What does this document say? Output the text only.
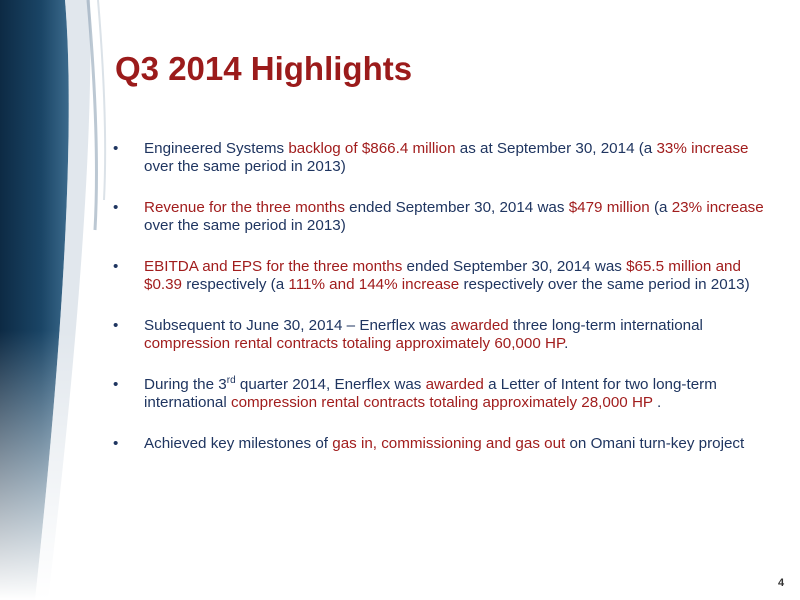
Q3 2014 Highlights
• Engineered Systems backlog of $866.4 million as at September 30, 2014 (a 33% increase over the same period in 2013)
• Revenue for the three months ended September 30, 2014 was $479 million (a 23% increase over the same period in 2013)
• EBITDA and EPS for the three months ended September 30, 2014 was $65.5 million and $0.39 respectively (a 111% and 144% increase respectively over the same period in 2013)
• Subsequent to June 30, 2014 – Enerflex was awarded three long-term international compression rental contracts totaling approximately 60,000 HP.
• During the 3rd quarter 2014, Enerflex was awarded a Letter of Intent for two long-term international compression rental contracts totaling approximately 28,000 HP .
• Achieved key milestones of gas in, commissioning and gas out on Omani turn-key project
4
